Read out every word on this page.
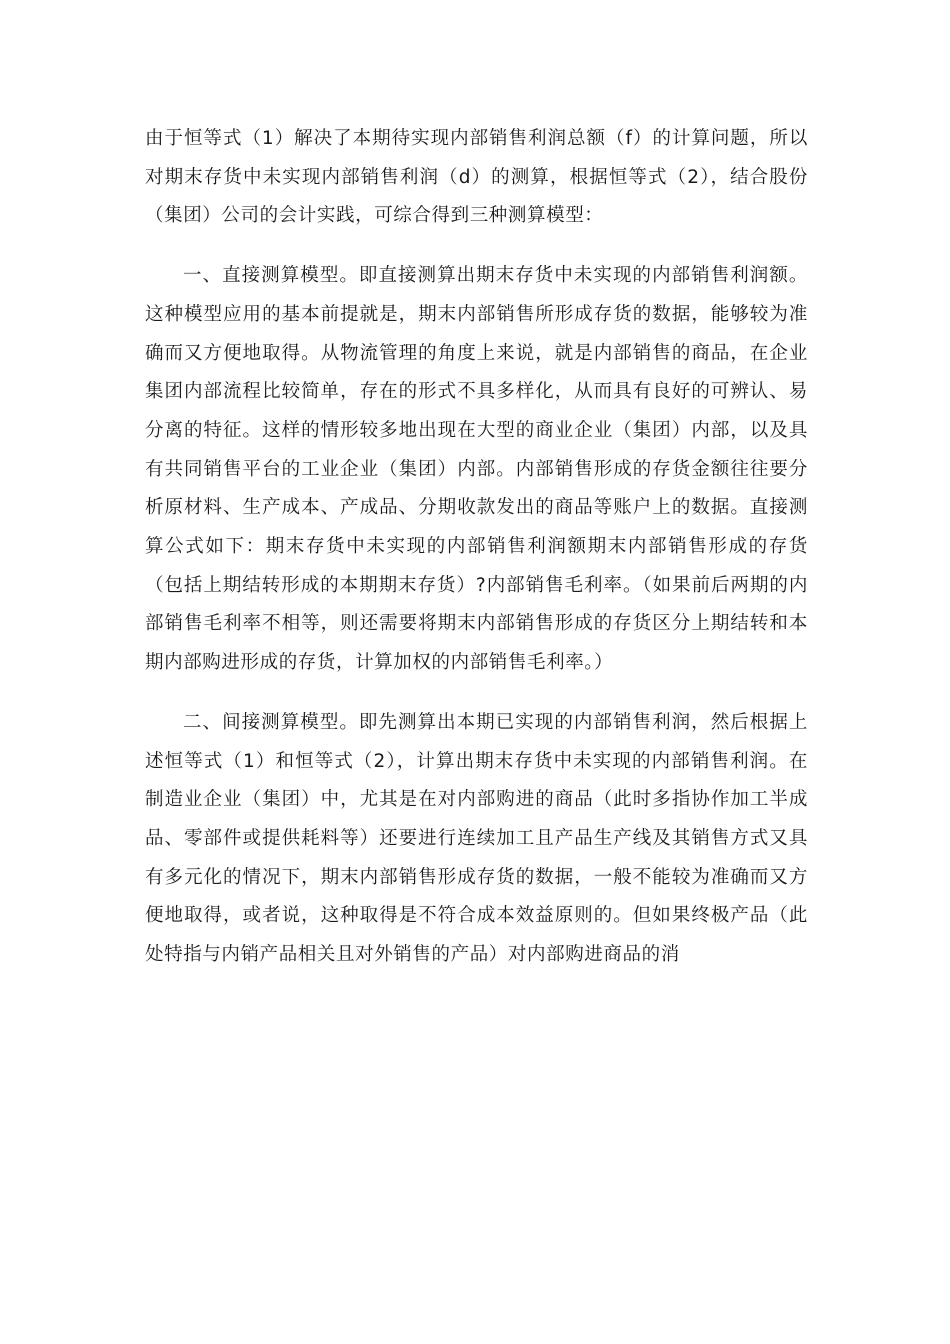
由于恒等式（1）解决了本期待实现内部销售利润总额（f）的计算问题，所以对期末存货中未实现内部销售利润（d）的测算，根据恒等式（2），结合股份（集团）公司的会计实践，可综合得到三种测算模型：

一、直接测算模型。即直接测算出期末存货中未实现的内部销售利润额。这种模型应用的基本前提就是，期末内部销售所形成存货的数据，能够较为准确而又方便地取得。从物流管理的角度上来说，就是内部销售的商品，在企业集团内部流程比较简单，存在的形式不具多样化，从而具有良好的可辨认、易分离的特征。这样的情形较多地出现在大型的商业企业（集团）内部，以及具有共同销售平台的工业企业（集团）内部。内部销售形成的存货金额往往要分析原材料、生产成本、产成品、分期收款发出的商品等账户上的数据。直接测算公式如下：期末存货中未实现的内部销售利润额期末内部销售形成的存货（包括上期结转形成的本期期末存货）?内部销售毛利率。（如果前后两期的内部销售毛利率不相等，则还需要将期末内部销售形成的存货区分上期结转和本期内部购进形成的存货，计算加权的内部销售毛利率。）

二、间接测算模型。即先测算出本期已实现的内部销售利润，然后根据上述恒等式（1）和恒等式（2），计算出期末存货中未实现的内部销售利润。在制造业企业（集团）中，尤其是在对内部购进的商品（此时多指协作加工半成品、零部件或提供耗料等）还要进行连续加工且产品生产线及其销售方式又具有多元化的情况下，期末内部销售形成存货的数据，一般不能较为准确而又方便地取得，或者说，这种取得是不符合成本效益原则的。但如果终极产品（此处特指与内销产品相关且对外销售的产品）对内部购进商品的消
